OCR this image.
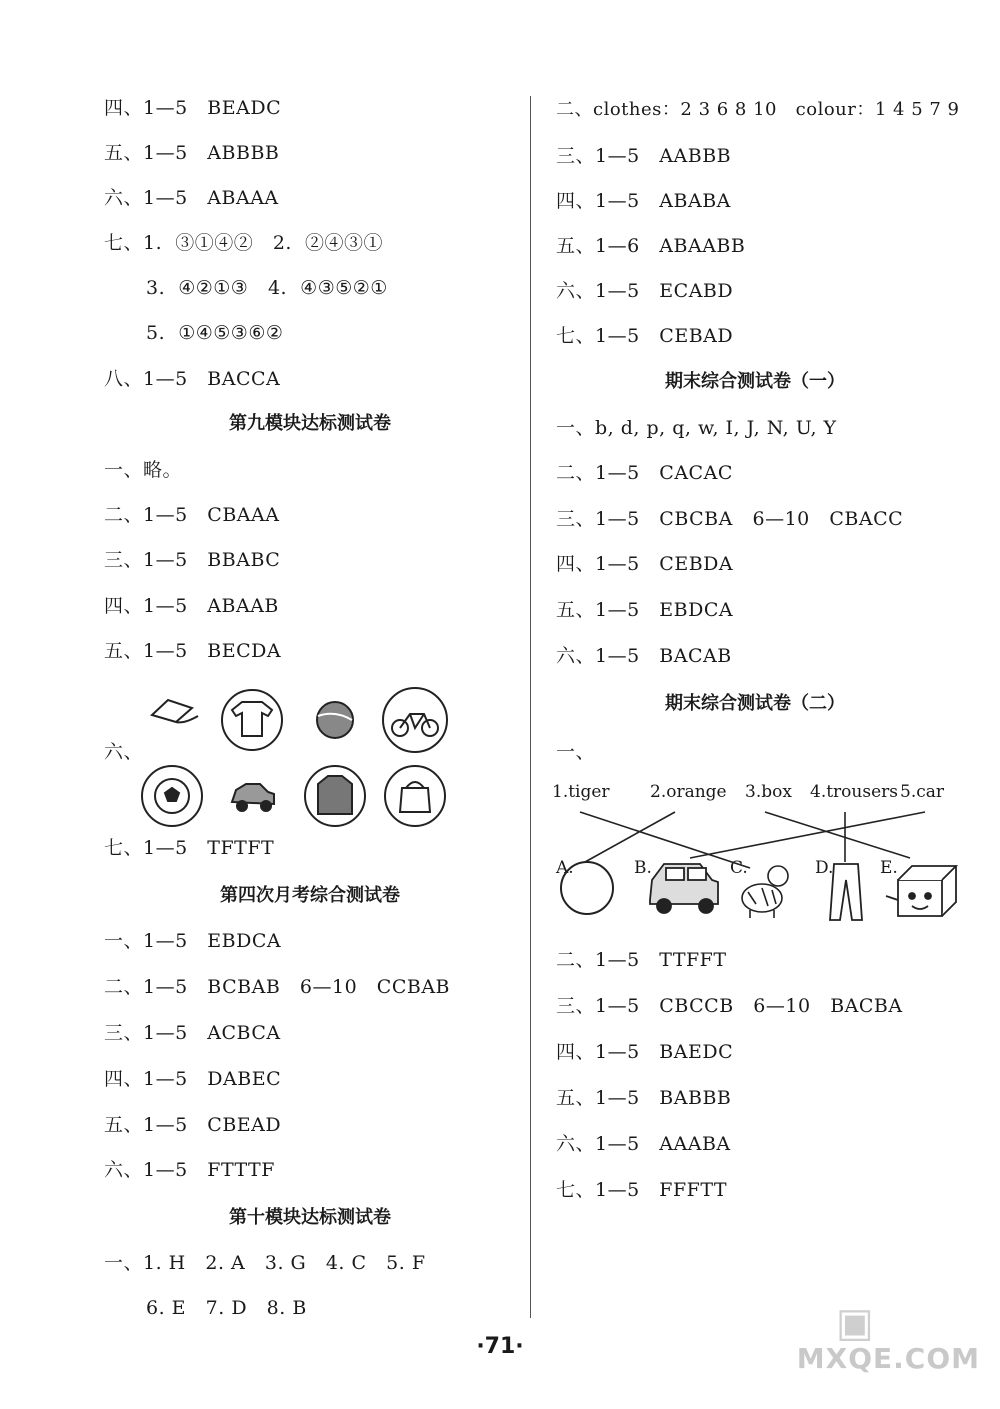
四、1—5   BEADC
五、1—5   ABBBB
六、1—5   ABAAA
七、1.  ③①④②   2.  ②④③①
3.  ④②①③   4.  ④③⑤②①
5.  ①④⑤③⑥②
八、1—5   BACCA
第九模块达标测试卷
一、略。
二、1—5   CBAAA
三、1—5   BBABC
四、1—5   ABAAB
五、1—5   BECDA
六、
七、1—5   TFTFT
第四次月考综合测试卷
一、1—5   EBDCA
二、1—5   BCBAB   6—10   CCBAB
三、1—5   ACBCA
四、1—5   DABEC
五、1—5   CBEAD
六、1—5   FTTTF
第十模块达标测试卷
一、1. H   2. A   3. G   4. C   5. F
6. E   7. D   8. B
二、clothes：2 3 6 8 10   colour：1 4 5 7 9
三、1—5   AABBB
四、1—5   ABABA
五、1—6   ABAABB
六、1—5   ECABD
七、1—5   CEBAD
期末综合测试卷（一）
一、b, d, p, q, w, I, J, N, U, Y
二、1—5   CACAC
三、1—5   CBCBA   6—10   CBACC
四、1—5   CEBDA
五、1—5   EBDCA
六、1—5   BACAB
期末综合测试卷（二）
一、
1.tiger 2.orange 3.box 4.trousers 5.car
A.	B.	C.	D.	E.
二、1—5   TTFFT
三、1—5   CBCCB   6—10   BACBA
四、1—5   BAEDC
五、1—5   BABBB
六、1—5   AAABA
七、1—5   FFFTT
·71·
▣
MXQE.COM
